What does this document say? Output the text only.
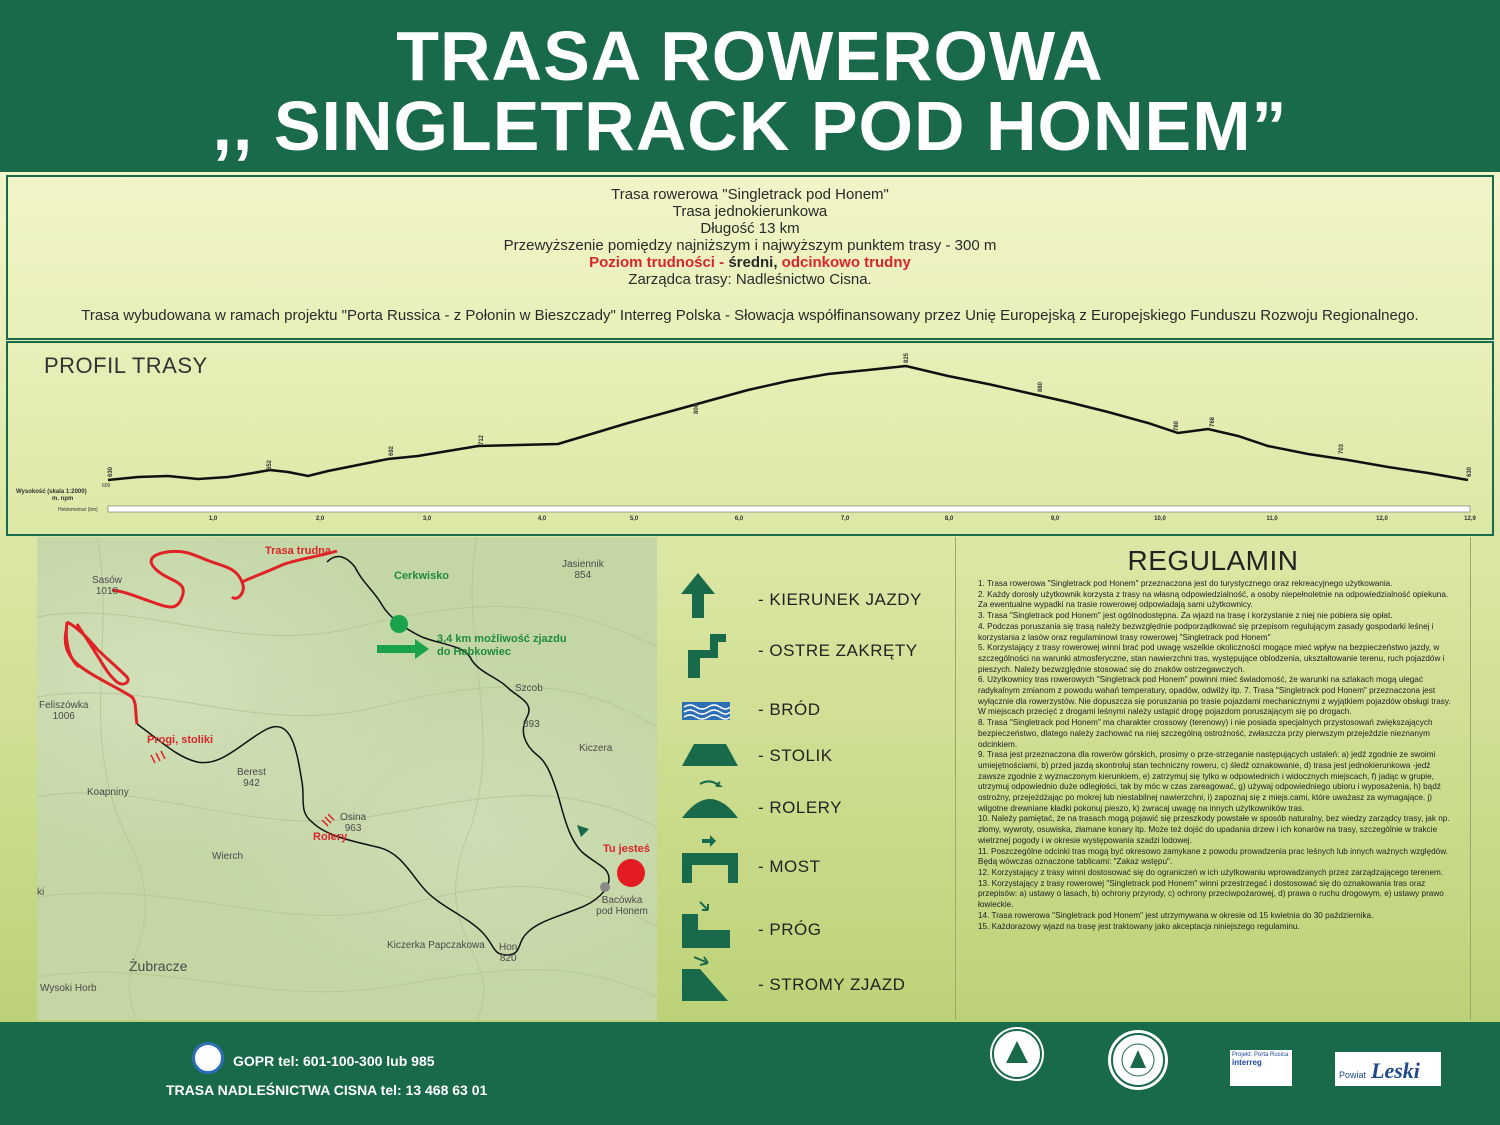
TRASA ROWEROWA
,, SINGLETRACK POD HONEM”
Trasa rowerowa "Singletrack pod Honem"
Trasa jednokierunkowa
Długość 13 km
Przewyższenie pomiędzy najniższym i najwyższym punktem trasy - 300 m
Poziom trudności - średni, odcinkowo trudny
Zarządca trasy: Nadleśnictwo Cisna.
Trasa wybudowana w ramach projektu "Porta Russica - z Połonin w Bieszczady" Interreg Polska - Słowacja współfinansowany przez Unię Europejską z Europejskiego Funduszu Rozwoju Regionalnego.
PROFIL TRASY
630
652
692
712
800
825
880
780	768
703
630
Wysokość (skala 1:2000)
m. npm
600
Hektometraż (km)
1,0	2,0	3,0	4,0	5,0	6,0	7,0	8,0	9,0	10,0	11,0	12,0	12,9
Sasów
1010
Feliszówka
1006
Berest
942
Koapniny
Osina
963
Wierch
Jasiennik
854
Szcob
893
Kiczera
Bacówka pod Honem
Hon
820
Kiczerka Papczakowa
Żubracze
Wysoki Horb
ki
Trasa trudna
Cerkwisko
3,4 km możliwość zjazdu
do Habkowiec
Progi, stoliki
Rolery
Tu jesteś
- KIERUNEK JAZDY
- OSTRE ZAKRĘTY
- BRÓD
- STOLIK
- ROLERY
- MOST
- PRÓG
- STROMY ZJAZD
REGULAMIN

1. Trasa rowerowa "Singletrack pod Honem" przeznaczona jest do turystycznego oraz rekreacyjnego użytkowania.

2. Każdy dorosły użytkownik korzysta z trasy na własną odpowiedzialność, a osoby niepełnoletnie na odpowiedzialność opiekuna. Za ewentualne wypadki na trasie rowerowej odpowiadają sami użytkownicy.

3. Trasa "Singletrack pod Honem" jest ogólnodostępna. Za wjazd na trasę i korzystanie z niej nie pobiera się opłat.

4. Podczas poruszania się trasą należy bezwzględnie podporządkować się przepisom regulującym zasady gospodarki leśnej i korzystania z lasów oraz regulaminowi trasy rowerowej "Singletrack pod Honem"

5. Korzystający z trasy rowerowej winni brać pod uwagę wszelkie okoliczności mogące mieć wpływ na bezpieczeństwo jazdy, w szczególności na warunki atmosferyczne, stan nawierzchni tras, występujące oblodzenia, ukształtowanie terenu, ruch pojazdów i pieszych. Należy bezwzględnie stosować się do znaków ostrzegawczych.

6. Użytkownicy tras rowerowych "Singletrack pod Honem" powinni mieć świadomość, że warunki na szlakach mogą ulegać radykalnym zmianom z powodu wahań temperatury, opadów, odwilży itp. 7. Trasa "Singletrack pod Honem" przeznaczona jest wyłącznie dla rowerzystów. Nie dopuszcza się poruszania po trasie pojazdami mechanicznymi z wyjątkiem pojazdów obsługi trasy. W miejscach przecięć z drogami leśnymi należy ustąpić drogę pojazdom poruszającym się po drogach.

8. Trasa "Singletrack pod Honem" ma charakter crossowy (terenowy) i nie posiada specjalnych przystosowań zwiększających bezpieczeństwo, dlatego należy zachować na niej szczególną ostrożność, zwłaszcza przy pierwszym przejeździe nieznanym odcinkiem.

9. Trasa jest przeznaczona dla rowerów górskich, prosimy o prze-strzeganie następujących ustaleń: a) jedź zgodnie ze swoimi umiejętnościami, b) przed jazdą skontroluj stan techniczny roweru, c) śledź oznakowanie, d) trasa jest jednokierunkowa -jedź zawsze zgodnie z wyznaczonym kierunkiem, e) zatrzymuj się tylko w odpowiednich i widocznych miejscach, f) jadąc w grupie, utrzymuj odpowiednio duże odległości, tak by móc w czas zareagować, g) używaj odpowiedniego ubioru i wyposażenia, h) bądź ostrożny, przejeżdżając po mokrej lub niestabilnej nawierzchni, i) zapoznaj się z miejs.cami, które uważasz za wymagające, j) wilgotne drewniane kładki pokonuj pieszo, k) zwracaj uwagę na innych użytkowników tras.

10. Należy pamiętać, że na trasach mogą pojawić się przeszkody powstałe w sposób naturalny, bez wiedzy zarządcy trasy, jak np. złomy, wywroty, osuwiska, złamane konary itp. Może też dojść do upadania drzew i ich konarów na trasy, szczególnie w trakcie wietrznej pogody i w okresie występowania szadzi lodowej.

11. Poszczególne odcinki tras mogą być okresowo zamykane z powodu prowadzenia prac leśnych lub innych ważnych względów. Będą wówczas oznaczone tablicami: "Zakaz wstępu".

12. Korzystający z trasy winni dostosować się do ograniczeń w ich użytkowaniu wprowadzanych przez zarządzającego terenem.

13. Korzystający z trasy rowerowej "Singletrack pod Honem" winni przestrzegać i dostosować się do oznakowania tras oraz przepisów: a) ustawy o lasach, b) ochrony przyrody, c) ochrony przeciwpożarowej, d) prawa o ruchu drogowym, e) ustawy prawo łowieckie.

14. Trasa rowerowa "Singletrack pod Honem" jest utrzymywana w okresie od 15 kwietnia do 30 października.

15. Każdorazowy wjazd na trasę jest traktowany jako akceptacja niniejszego regulaminu.

GOPR tel: 601-100-300 lub 985
TRASA NADLEŚNICTWA CISNA tel: 13 468 63 01
Projekt: Porta Rusica
interreg
Powiat Leski
